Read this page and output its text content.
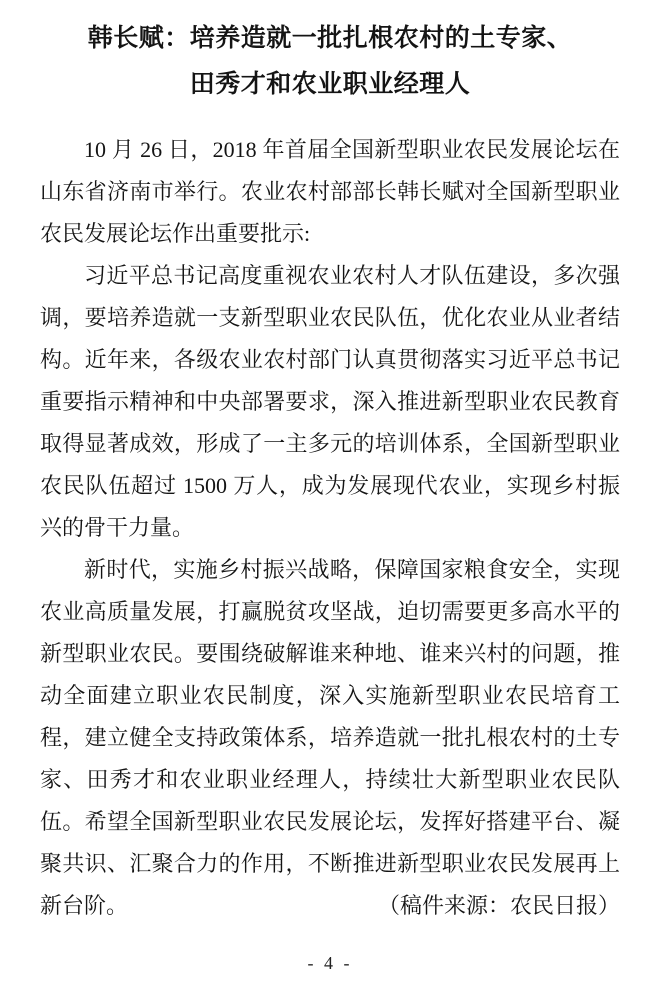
韩长赋：培养造就一批扎根农村的土专家、
田秀才和农业职业经理人

10 月 26 日，2018 年首届全国新型职业农民发展论坛在山东省济南市举行。农业农村部部长韩长赋对全国新型职业农民发展论坛作出重要批示:

习近平总书记高度重视农业农村人才队伍建设，多次强调，要培养造就一支新型职业农民队伍，优化农业从业者结构。近年来，各级农业农村部门认真贯彻落实习近平总书记重要指示精神和中央部署要求，深入推进新型职业农民教育取得显著成效，形成了一主多元的培训体系，全国新型职业农民队伍超过 1500 万人，成为发展现代农业，实现乡村振兴的骨干力量。

新时代，实施乡村振兴战略，保障国家粮食安全，实现农业高质量发展，打赢脱贫攻坚战，迫切需要更多高水平的新型职业农民。要围绕破解谁来种地、谁来兴村的问题，推动全面建立职业农民制度，深入实施新型职业农民培育工程，建立健全支持政策体系，培养造就一批扎根农村的土专家、田秀才和农业职业经理人，持续壮大新型职业农民队伍。希望全国新型职业农民发展论坛，发挥好搭建平台、凝聚共识、汇聚合力的作用，不断推进新型职业农民发展再上新台阶。	（稿件来源：农民日报）

- 4 -
